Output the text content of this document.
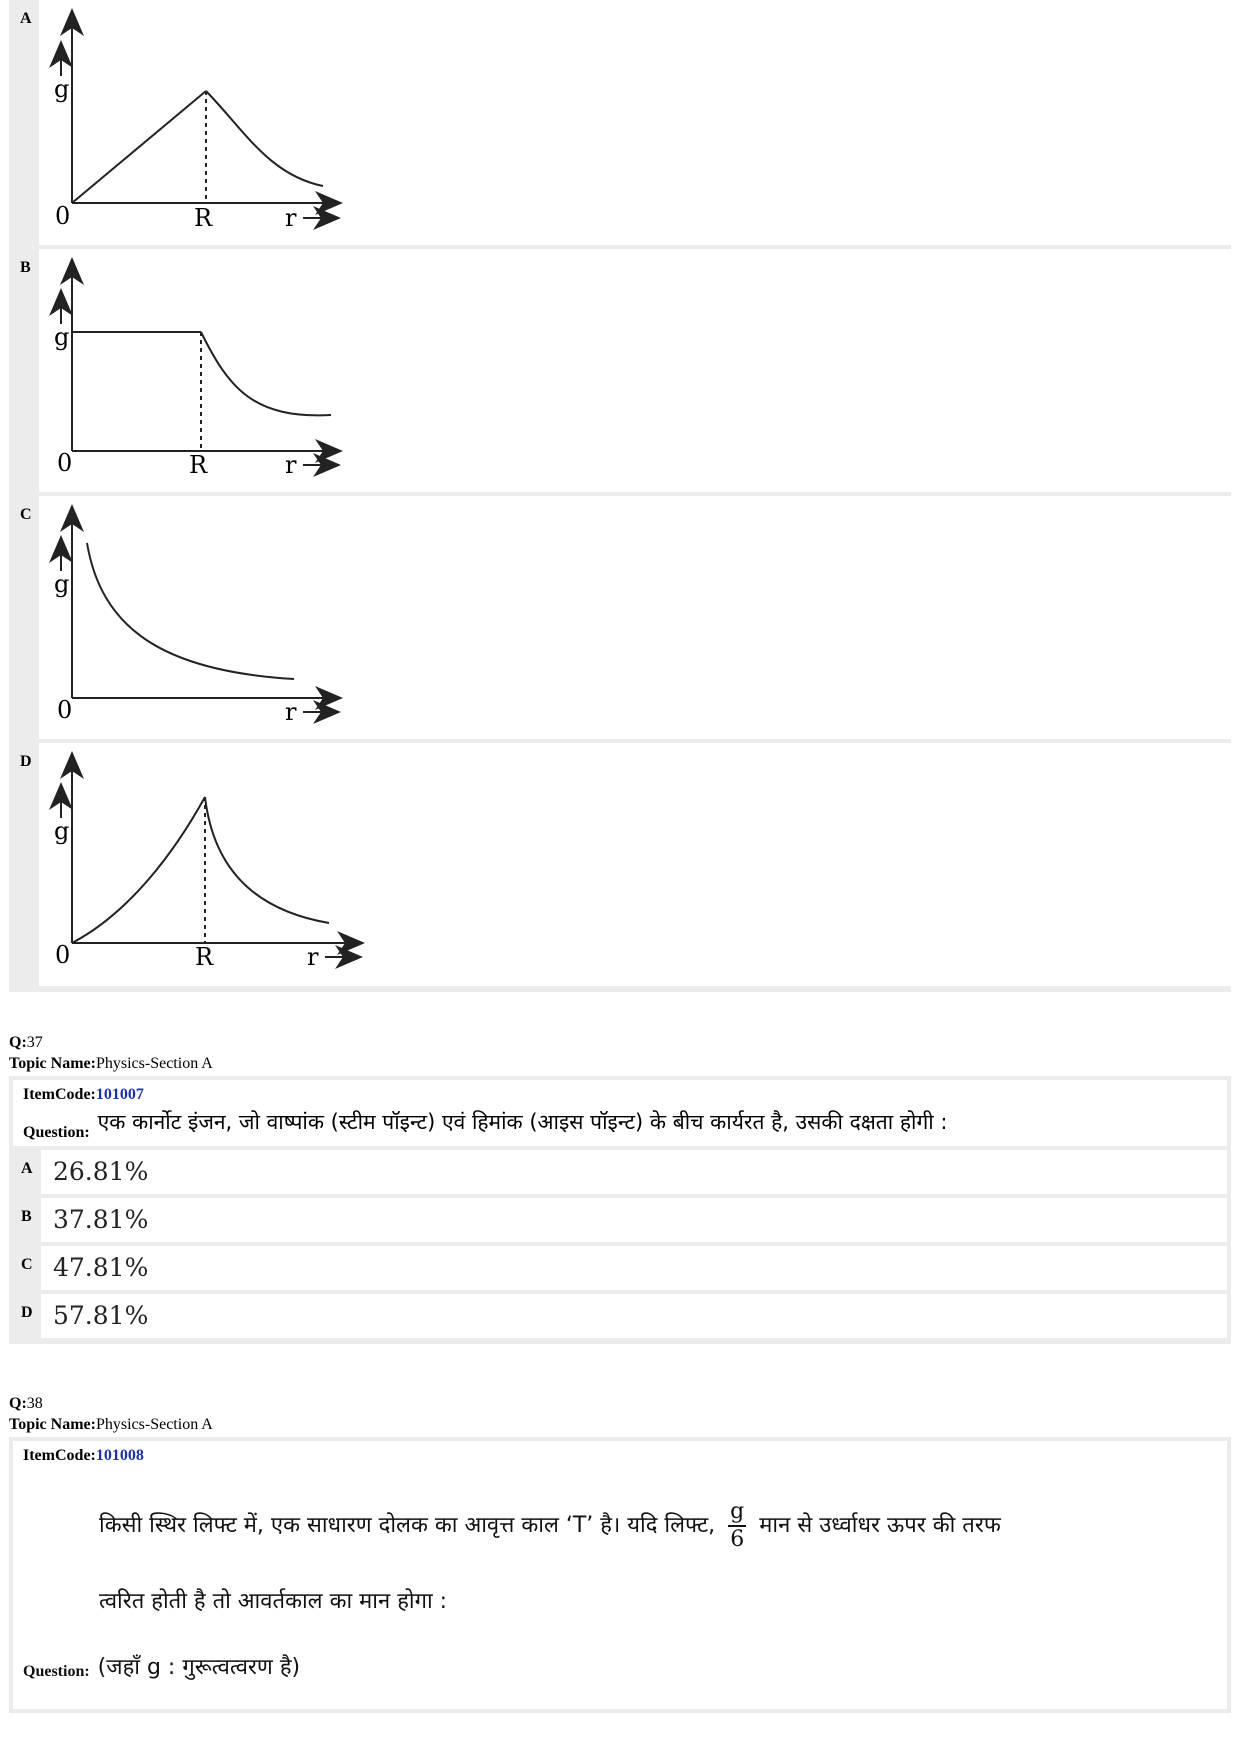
A
g
0	R	r
B
g
0	R	r
C
g
0	r
D
g
0	R	r
Q:37
Topic Name:Physics-Section A
ItemCode:101007
Question: एक कार्नोट इंजन, जो वाष्पांक (स्टीम पॉइन्ट) एवं हिमांक (आइस पॉइन्ट) के बीच कार्यरत है, उसकी दक्षता होगी :
A 26.81%
B 37.81%
C 47.81%
D 57.81%
Q:38
Topic Name:Physics-Section A
ItemCode:101008
किसी स्थिर लिफ्ट में, एक साधारण दोलक का आवृत्त काल ‘T’ है। यदि लिफ्ट, $\frac{g}{6}$ मान से उर्ध्वाधर ऊपर की तरफ
त्वरित होती है तो आवर्तकाल का मान होगा :
Question: (जहाँ g : गुरूत्वत्वरण है)
